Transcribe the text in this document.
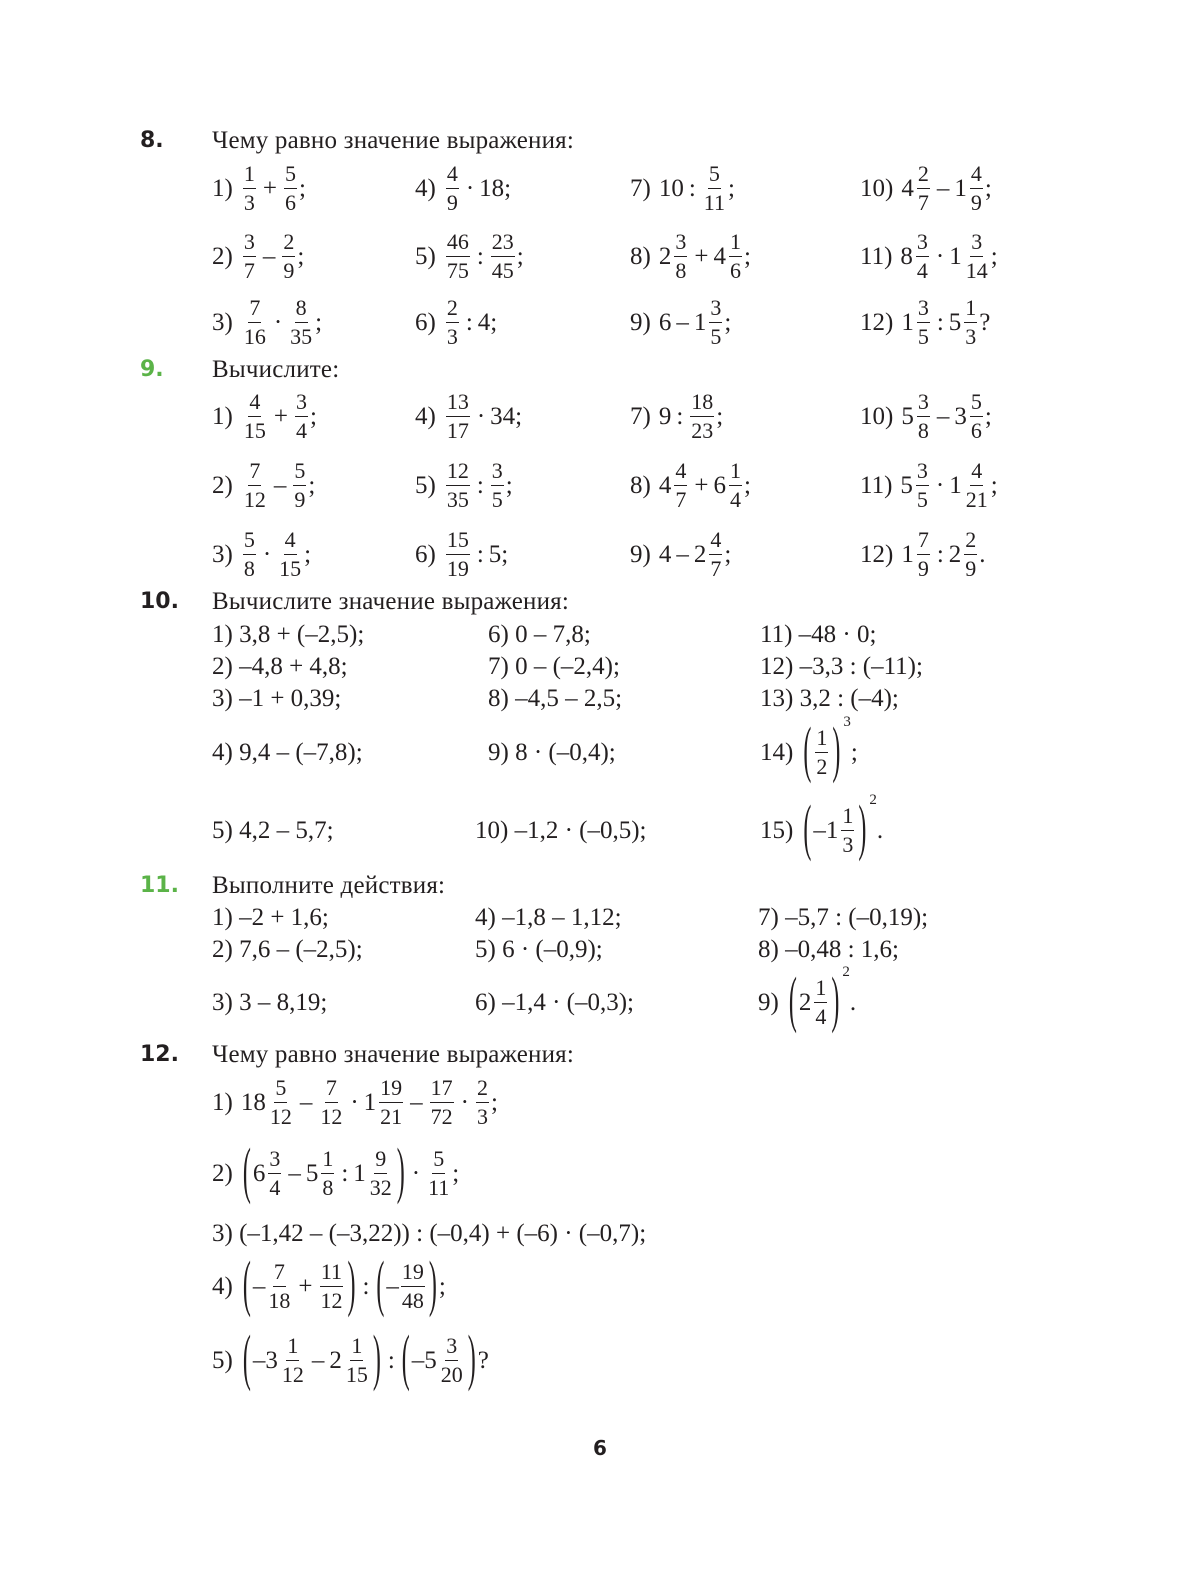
8. Чему равно значение выражения:
1)
1
3
+ $\frac{5}{6}$ ;
2)
3
7
–
2
9
;
3)
7
16
·
8
35
;
4)
4
9
· 18;
5)
46
75
:
23
45
;
6)
2
3
: 4;
7) 10 :
5
11
;
8) 2
3
8
+ 4
1
6
;
9) 6 – 1
3
5
;
10) 4
2
7
– 1
4
9
;
11) 8
3
4
· 1
3
14
;
12) 1
3
5
: 5
1
3
?
9. Вычислите:
1)
4
15
+ $\frac{3}{4}$ ;
2)
7
12
–
5
9
;
3)
5
8
·
4
15
;
4)
13
17
· 34;
5)
12
35
:
3
5
;
6)
15
19
: 5;
7) 9 :
18
23
;
8) 4
4
7
+ 6
1
4
;
9) 4 – 2
4
7
;
10) 5
3
8
– 3
5
6
;
11) 5
3
5
· 1
4
21
;
12) 1
7
9
: 2
2
9
.
10. Вычислите значение выражения:
1) 3,8 + (–2,5);
2) –4,8 + 4,8;
3) –1 + 0,39;
4) 9,4 – (–7,8);
5) 4,2 – 5,7;
6) 0 – 7,8;
7) 0 – (–2,4);
8) –4,5 – 2,5;
9) 8 · (–0,4);
10) –1,2 · (–0,5);
11) –48 · 0;
12) –3,3 : (–11);
13) 3,2 : (–4);
14) ( 1
2 ) 3
;
15) ( – 1
1
3 ) 2
.
11. Выполните действия:
1) –2 + 1,6;
2) 7,6 – (–2,5);
3) 3 – 8,19;
4) –1,8 – 1,12;
5) 6 · (–0,9);
6) –1,4 · (–0,3);
7) –5,7 : (–0,19);
8) –0,48 : 1,6;
9) ( 2
1
4 ) 2
.
12. Чему равно значение выражения:
1) 18
5
12
–
7
12
· 1
19
21
–
17
72
·
2
3
;
2) ( 6
3
4
– 5
1
8
: 1
9
32 ) ·
5
11
;
3) (–1,42 – (–3,22)) : (–0,4) + (–6) · (–0,7);
4) ( –
7
18
+ $\frac{11}{12}$ ) : ( –
19
48 ) ;
5) ( – 3
1
12
– 2
1
15 ) : ( – 5
3
20 ) ?
6
